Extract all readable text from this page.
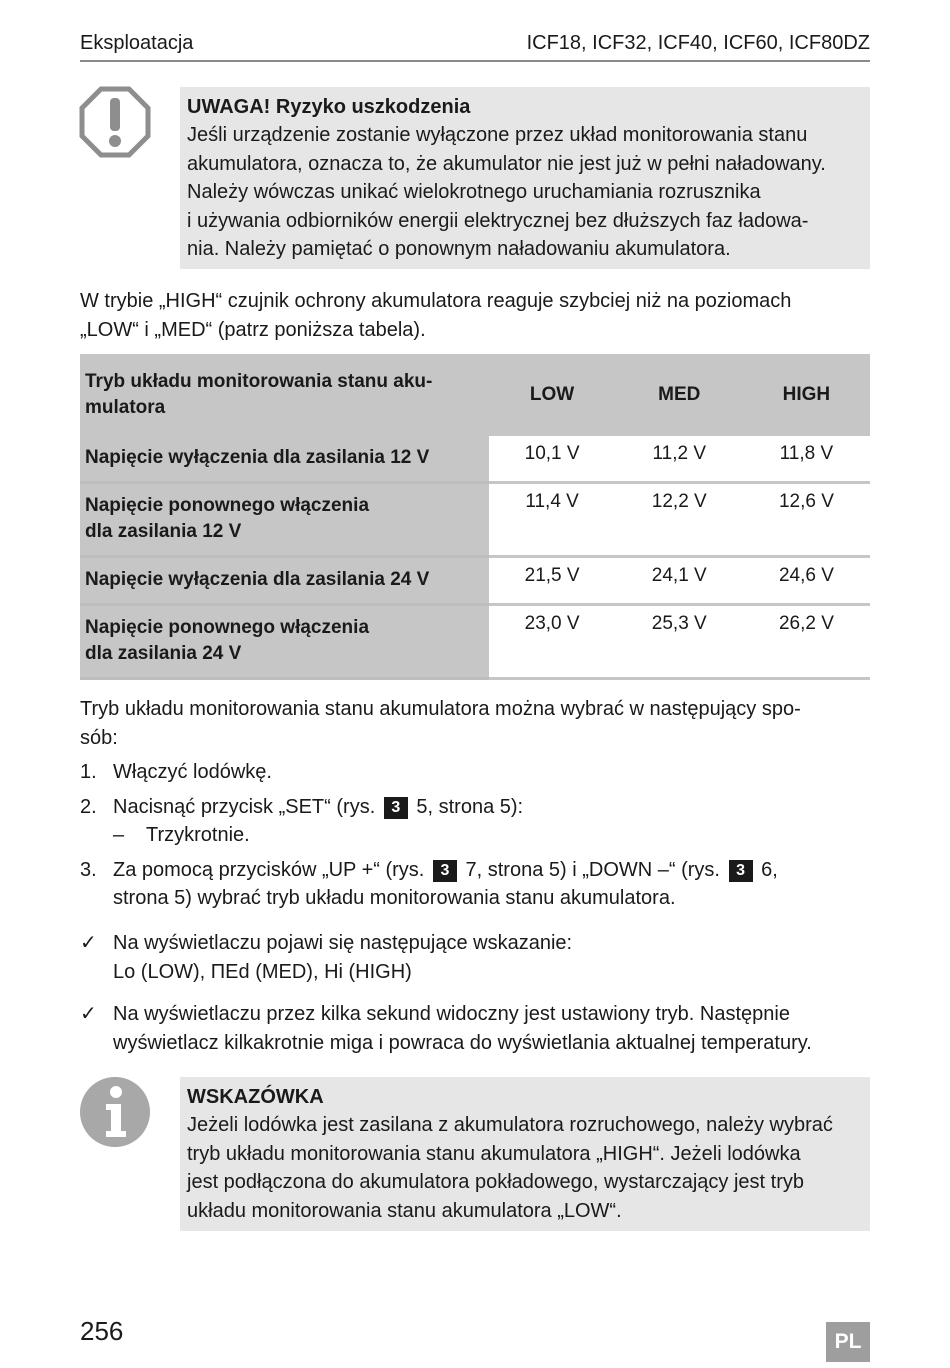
Eksploatacja	ICF18, ICF32, ICF40, ICF60, ICF80DZ
UWAGA! Ryzyko uszkodzenia
Jeśli urządzenie zostanie wyłączone przez układ monitorowania stanu
akumulatora, oznacza to, że akumulator nie jest już w pełni naładowany.
Należy wówczas unikać wielokrotnego uruchamiania rozrusznika
i używania odbiorników energii elektrycznej bez dłuższych faz ładowa-
nia. Należy pamiętać o ponownym naładowaniu akumulatora.
W trybie „HIGH“ czujnik ochrony akumulatora reaguje szybciej niż na poziomach
„LOW“ i „MED“ (patrz poniższa tabela).
Tryb układu monitorowania stanu aku-
mulatora	LOW	MED	HIGH

Napięcie wyłączenia dla zasilania 12 V	10,1 V	11,2 V	11,8 V

Napięcie ponownego włączenia
dla zasilania 12 V	11,4 V	12,2 V	12,6 V

Napięcie wyłączenia dla zasilania 24 V	21,5 V	24,1 V	24,6 V

Napięcie ponownego włączenia
dla zasilania 24 V	23,0 V	25,3 V	26,2 V
Tryb układu monitorowania stanu akumulatora można wybrać w następujący spo-
sób:
1. Włączyć lodówkę.
2. Nacisnąć przycisk „SET“ (rys. 3 5, strona 5):
– Trzykrotnie.
3. Za pomocą przycisków „UP +“ (rys. 3 7, strona 5) i „DOWN –“ (rys. 3 6,
strona 5) wybrać tryb układu monitorowania stanu akumulatora.
✓ Na wyświetlaczu pojawi się następujące wskazanie:
Lo (LOW), ПEd (MED), Hi (HIGH)
✓ Na wyświetlaczu przez kilka sekund widoczny jest ustawiony tryb. Następnie
wyświetlacz kilkakrotnie miga i powraca do wyświetlania aktualnej temperatury.
WSKAZÓWKA
Jeżeli lodówka jest zasilana z akumulatora rozruchowego, należy wybrać
tryb układu monitorowania stanu akumulatora „HIGH“. Jeżeli lodówka
jest podłączona do akumulatora pokładowego, wystarczający jest tryb
układu monitorowania stanu akumulatora „LOW“.
256	PL
